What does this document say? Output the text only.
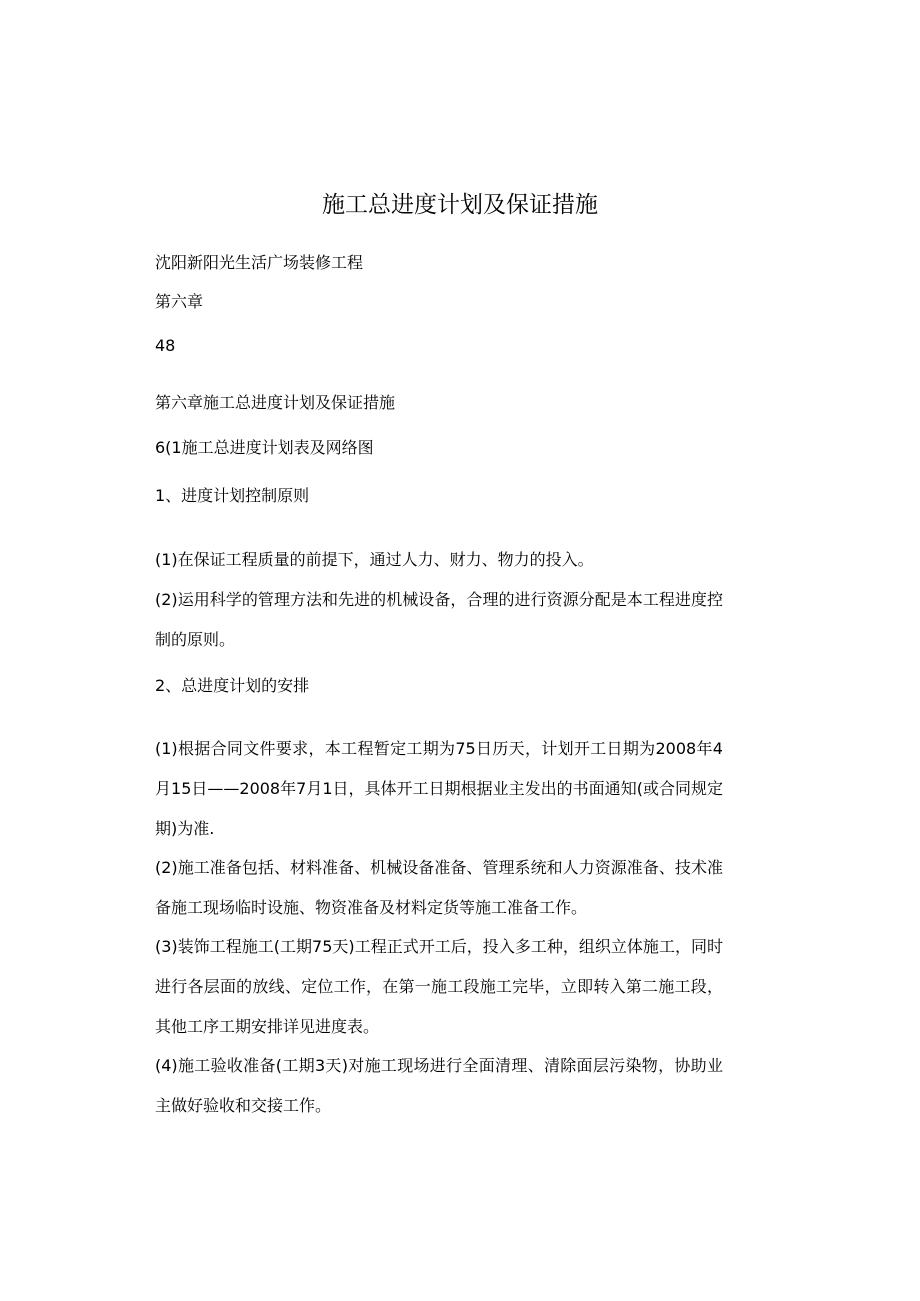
施工总进度计划及保证措施
沈阳新阳光生活广场装修工程
第六章
48
第六章施工总进度计划及保证措施
6(1施工总进度计划表及网络图
1、进度计划控制原则
(1)在保证工程质量的前提下，通过人力、财力、物力的投入。
(2)运用科学的管理方法和先进的机械设备，合理的进行资源分配是本工程进度控制的原则。
2、总进度计划的安排
(1)根据合同文件要求，本工程暂定工期为75日历天，计划开工日期为2008年4月15日——2008年7月1日，具体开工日期根据业主发出的书面通知(或合同规定期)为准.
(2)施工准备包括、材料准备、机械设备准备、管理系统和人力资源准备、技术准备施工现场临时设施、物资准备及材料定货等施工准备工作。
(3)装饰工程施工(工期75天)工程正式开工后，投入多工种，组织立体施工，同时进行各层面的放线、定位工作，在第一施工段施工完毕，立即转入第二施工段，其他工序工期安排详见进度表。
(4)施工验收准备(工期3天)对施工现场进行全面清理、清除面层污染物，协助业主做好验收和交接工作。
